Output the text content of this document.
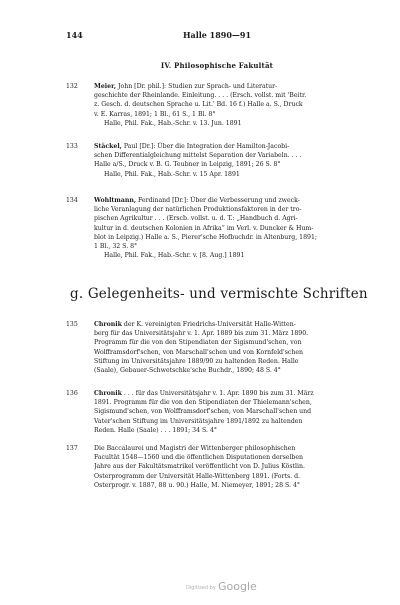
144	Halle 1890—91
IV. Philosophische Fakultät
132	Meier, John [Dr. phil.]: Studien zur Sprach- und Literatur-
geschichte der Rheinlande. Einleitung. . . . (Ersch. vollst. mit 'Beitr.
z. Gesch. d. deutschen Sprache u. Lit.' Bd. 16 f.) Halle a. S., Druck
v. E. Karras, 1891; 1 Bl., 61 S., 1 Bl. 8°
Halle, Phil. Fak., Hab.-Schr. v. 13. Jun. 1891
133	Stäckel, Paul [Dr.]: Über die Integration der Hamilton-Jacobi-
schen Differentialgleichung mittelst Separation der Variabeln. . . .
Halle a/S., Druck v. B. G. Teubner in Leipzig, 1891; 26 S. 8°
Halle, Phil. Fak., Hab.-Schr. v. 15 Apr. 1891
134	Wohltmann, Ferdinand [Dr.]: Über die Verbesserung und zweck-
liche Veranlagung der natürlichen Produktionsfaktoren in der tro-
pischen Agrikultur . . . (Erscb. vollst. u. d. T.: „Handbuch d. Agri-
kultur in d. deutschen Kolonien in Afrika“ im Verl. v. Duncker & Hum-
blot in Leipzig.) Halle a. S., Pierer'sche Hofbuchdr. in Altenburg, 1891;
1 Bl., 32 S. 8°
Halle, Phil. Fak., Hab.-Schr. v. [8. Aug.] 1891
g. Gelegenheits- und vermischte Schriften
135	Chronik der K. vereinigten Friedrichs-Universität Halle-Witten-
berg für das Universitätsjahr v. 1. Apr. 1889 bis zum 31. März 1890.
Programm für die von den Stipendiaten der Sigismund'schen, von
Wolfframsdorf'schen, von Marschall'schen und von Kornfeld'schen
Stiftung im Universitätsjahre 1889/90 zu haltenden Reden. Halle
(Saale), Gebauer-Schwetschke'sche Buchdr., 1890; 48 S. 4°
136	Chronik . . . für das Universitätsjahr v. 1. Apr. 1890 bis zum 31. März
1891. Programm für die von den Stipendiaten der Thielemann'schen,
Sigismund'schen, von Wolfframsdorf'schen, von Marschall'schen und
Vater'schen Stiftung im Universitätsjahre 1891/1892 zu haltenden
Reden. Halle (Saale) . . . 1891; 34 S. 4°
137	Die Baccalaurei und Magistri der Wittenberger philosophischen
Facultät 1548—1560 und die öffentlichen Disputationen derselben
Jahre aus der Fakultätsmatrikel veröffentlicht von D. Julius Köstlin.
Osterprogramm der Universität Halle-Wittenberg 1891. (Forts. d.
Osterprogr. v. 1887, 88 u. 90.) Halle, M. Niemeyer, 1891; 28 S. 4°
Digitized by Google
